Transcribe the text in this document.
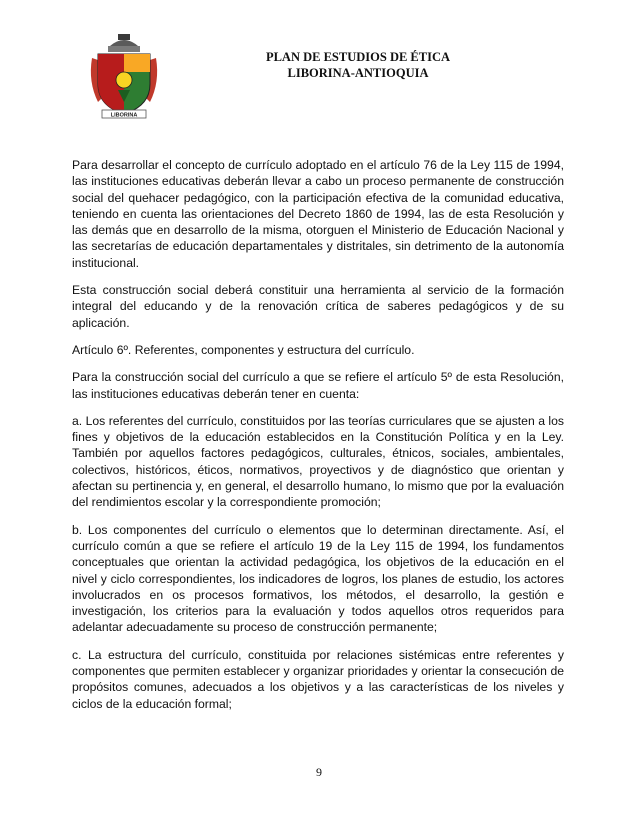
LIBORINA
PLAN DE ESTUDIOS DE ÉTICA
LIBORINA-ANTIOQUIA

Para desarrollar el concepto de currículo adoptado en el artículo 76 de la Ley 115 de 1994, las instituciones educativas deberán llevar a cabo un proceso permanente de construcción social del quehacer pedagógico, con la participación efectiva de la comunidad educativa, teniendo en cuenta las orientaciones del Decreto 1860 de 1994, las de esta Resolución y las demás que en desarrollo de la misma, otorguen el Ministerio de Educación Nacional y las secretarías de educación departamentales y distritales, sin detrimento de la autonomía institucional.

Esta construcción social deberá constituir una herramienta al servicio de la formación integral del educando y de la renovación crítica de saberes pedagógicos y de su aplicación.

Artículo 6º. Referentes, componentes y estructura del currículo.

Para la construcción social del currículo a que se refiere el artículo 5º de esta Resolución, las instituciones educativas deberán tener en cuenta:

a. Los referentes del currículo, constituidos por las teorías curriculares que se ajusten a los fines y objetivos de la educación establecidos en la Constitución Política y en la Ley. También por aquellos factores pedagógicos, culturales, étnicos, sociales, ambientales, colectivos, históricos, éticos, normativos, proyectivos y de diagnóstico que orientan y afectan su pertinencia y, en general, el desarrollo humano, lo mismo que por la evaluación del rendimientos escolar y la correspondiente promoción;

b. Los componentes del currículo o elementos que lo determinan directamente. Así, el currículo común a que se refiere el artículo 19 de la Ley 115 de 1994, los fundamentos conceptuales que orientan la actividad pedagógica, los objetivos de la educación en el nivel y ciclo correspondientes, los indicadores de logros, los planes de estudio, los actores involucrados en os procesos formativos, los métodos, el desarrollo, la gestión e investigación, los criterios para la evaluación y todos aquellos otros requeridos para adelantar adecuadamente su proceso de construcción permanente;

c. La estructura del currículo, constituida por relaciones sistémicas entre referentes y componentes que permiten establecer y organizar prioridades y orientar la consecución de propósitos comunes, adecuados a los objetivos y a las características de los niveles y ciclos de la educación formal;

9
